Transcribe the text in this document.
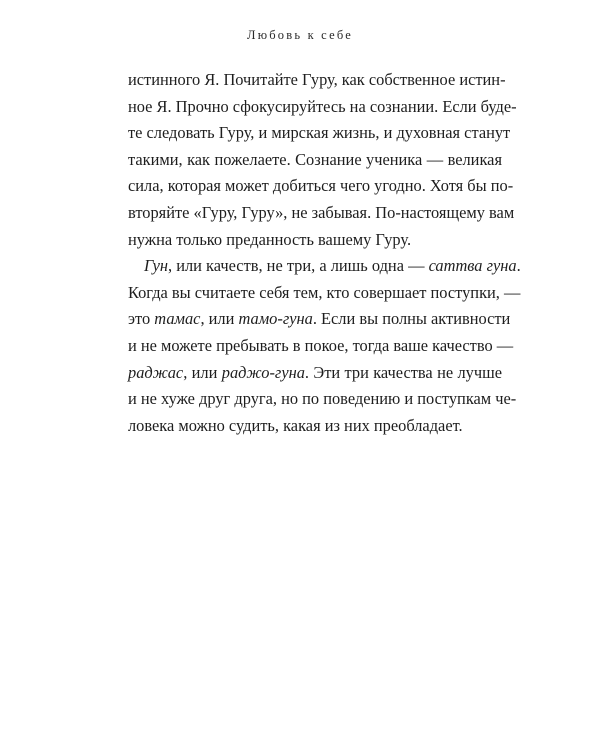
Любовь к себе

истинного Я. Почитайте Гуру, как собственное истин-
ное Я. Прочно сфокусируйтесь на сознании. Если буде-
те следовать Гуру, и мирская жизнь, и духовная станут
такими, как пожелаете. Сознание ученика — великая
сила, которая может добиться чего угодно. Хотя бы по-
вторяйте «Гуру, Гуру», не забывая. По-настоящему вам
нужна только преданность вашему Гуру.

Гун, или качеств, не три, а лишь одна — саттва гуна.
Когда вы считаете себя тем, кто совершает поступки, —
это тамас, или тамо-гуна. Если вы полны активности
и не можете пребывать в покое, тогда ваше качество —
раджас, или раджо-гуна. Эти три качества не лучше
и не хуже друг друга, но по поведению и поступкам че-
ловека можно судить, какая из них преобладает.
